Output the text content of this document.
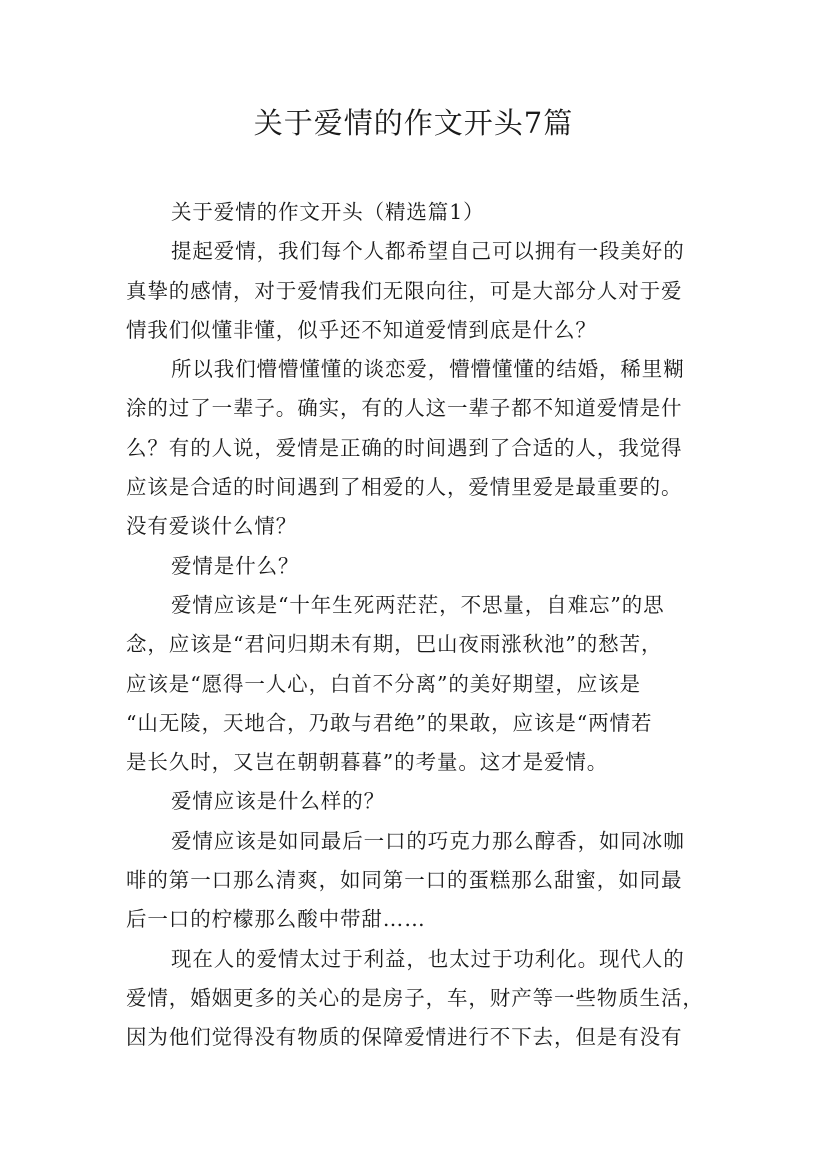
关于爱情的作文开头7篇
关于爱情的作文开头（精选篇1）
提起爱情，我们每个人都希望自己可以拥有一段美好的
真挚的感情，对于爱情我们无限向往，可是大部分人对于爱
情我们似懂非懂，似乎还不知道爱情到底是什么？
所以我们懵懵懂懂的谈恋爱，懵懵懂懂的结婚，稀里糊
涂的过了一辈子。确实，有的人这一辈子都不知道爱情是什
么？有的人说，爱情是正确的时间遇到了合适的人，我觉得
应该是合适的时间遇到了相爱的人，爱情里爱是最重要的。
没有爱谈什么情？
爱情是什么？
爱情应该是“十年生死两茫茫，不思量，自难忘”的思
念，应该是“君问归期未有期，巴山夜雨涨秋池”的愁苦，
应该是“愿得一人心，白首不分离”的美好期望，应该是
“山无陵，天地合，乃敢与君绝”的果敢，应该是“两情若
是长久时，又岂在朝朝暮暮”的考量。这才是爱情。
爱情应该是什么样的？
爱情应该是如同最后一口的巧克力那么醇香，如同冰咖
啡的第一口那么清爽，如同第一口的蛋糕那么甜蜜，如同最
后一口的柠檬那么酸中带甜……
现在人的爱情太过于利益，也太过于功利化。现代人的
爱情，婚姻更多的关心的是房子，车，财产等一些物质生活，
因为他们觉得没有物质的保障爱情进行不下去，但是有没有
